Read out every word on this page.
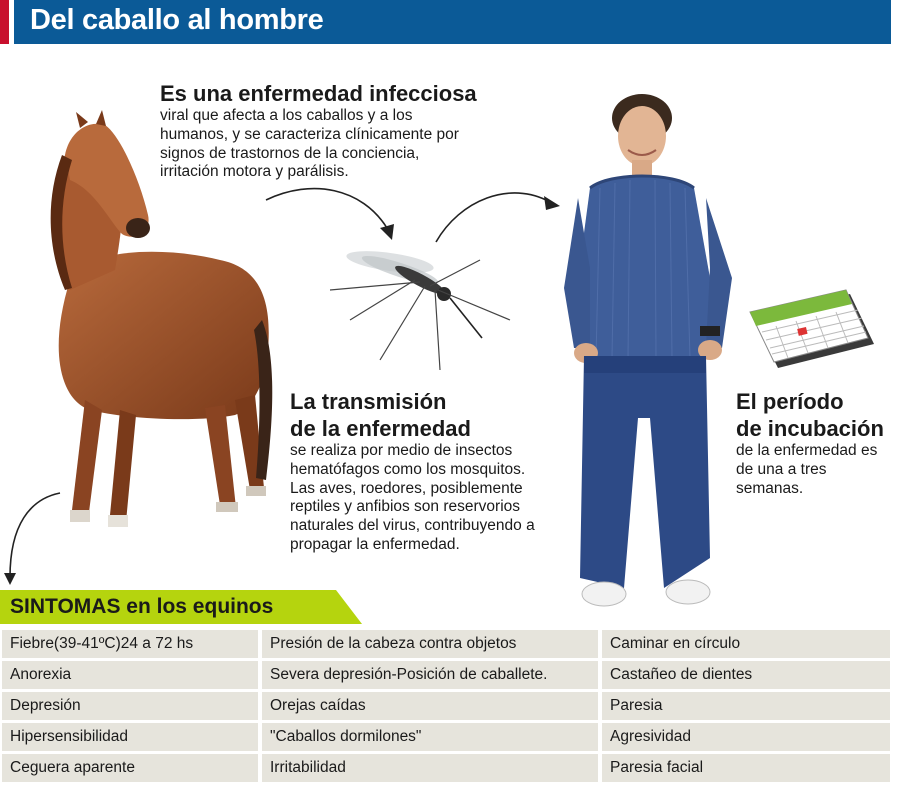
Del caballo al hombre
Es una enfermedad infecciosa
viral que afecta a los caballos y a los
humanos, y se caracteriza clínicamente por
signos de trastornos de la conciencia,
irritación motora y parálisis.
La transmisión
de la enfermedad
se realiza por medio de insectos
hematófagos como los mosquitos.
Las aves, roedores, posiblemente
reptiles y anfibios son reservorios
naturales del virus, contribuyendo a
propagar la enfermedad.
El período
de incubación
de la enfermedad es
de una a tres
semanas.
SINTOMAS en los equinos
Fiebre(39-41ºC)24 a 72 hs	Presión de la cabeza contra objetos	Caminar en círculo
Anorexia	Severa depresión-Posición de caballete.	Castañeo de dientes
Depresión	Orejas caídas	Paresia
Hipersensibilidad	"Caballos dormilones"	Agresividad
Ceguera aparente	Irritabilidad	Paresia facial
